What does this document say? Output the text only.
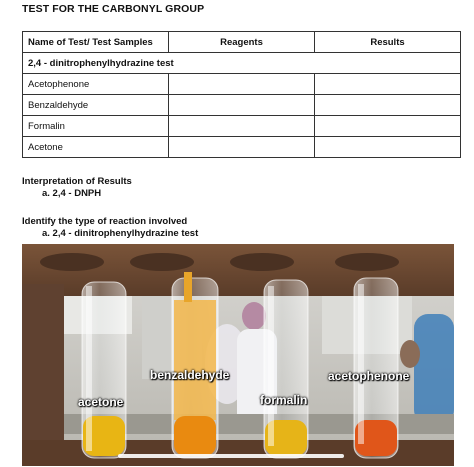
TEST FOR THE CARBONYL GROUP
Name of Test/ Test Samples	Reagents	Results
2,4 - dinitrophenylhydrazine test		
Acetophenone		
Benzaldehyde		
Formalin		
Acetone		
Interpretation of Results
a. 2,4 - DNPH
Identify the type of reaction involved
a. 2,4 - dinitrophenylhydrazine test
acetone
benzaldehyde
formalin
acetophenone
